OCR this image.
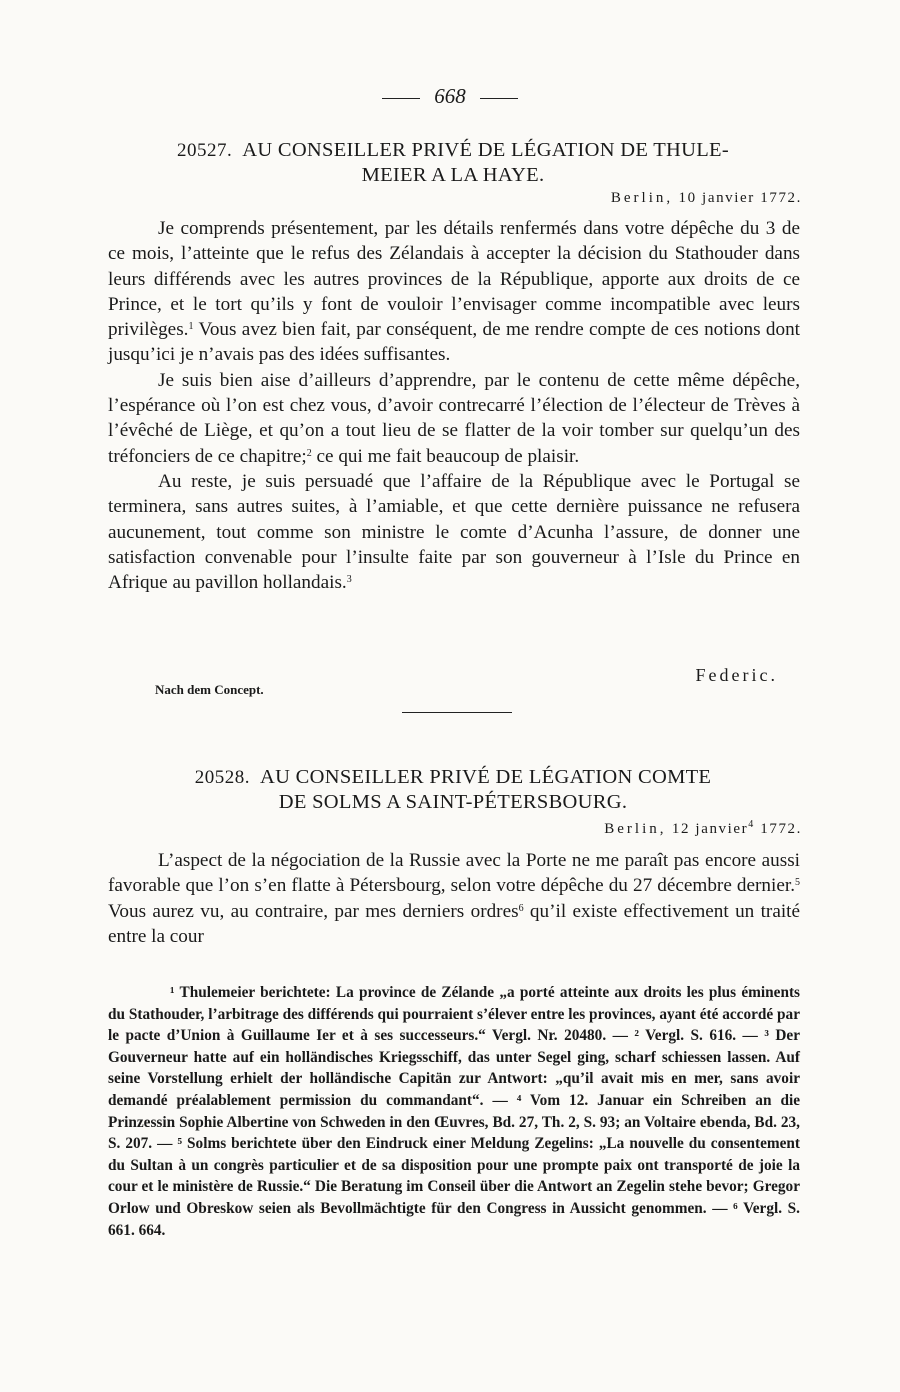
668
20527. AU CONSEILLER PRIVÉ DE LÉGATION DE THULE-
MEIER A LA HAYE.
Berlin, 10 janvier 1772.

Je comprends présentement, par les détails renfermés dans votre dépêche du 3 de ce mois, l’atteinte que le refus des Zélandais à accepter la décision du Stathouder dans leurs différends avec les autres provinces de la République, apporte aux droits de ce Prince, et le tort qu’ils y font de vouloir l’envisager comme incompatible avec leurs privilèges.$^1$ Vous avez bien fait, par conséquent, de me rendre compte de ces notions dont jusqu’ici je n’avais pas des idées suffisantes.

Je suis bien aise d’ailleurs d’apprendre, par le contenu de cette même dépêche, l’espérance où l’on est chez vous, d’avoir contrecarré l’élection de l’électeur de Trèves à l’évêché de Liège, et qu’on a tout lieu de se flatter de la voir tomber sur quelqu’un des tréfonciers de ce chapitre;$^2$ ce qui me fait beaucoup de plaisir.

Au reste, je suis persuadé que l’affaire de la République avec le Portugal se terminera, sans autres suites, à l’amiable, et que cette dernière puissance ne refusera aucunement, tout comme son ministre le comte d’Acunha l’assure, de donner une satisfaction convenable pour l’insulte faite par son gouverneur à l’Isle du Prince en Afrique au pavillon hollandais.$^3$

Federic.
Nach dem Concept.
20528. AU CONSEILLER PRIVÉ DE LÉGATION COMTE
DE SOLMS A SAINT-PÉTERSBOURG.
Berlin, 12 janvier$^4$ 1772.

L’aspect de la négociation de la Russie avec la Porte ne me paraît pas encore aussi favorable que l’on s’en flatte à Pétersbourg, selon votre dépêche du 27 décembre dernier.$^5$ Vous aurez vu, au contraire, par mes derniers ordres$^6$ qu’il existe effectivement un traité entre la cour

¹ Thulemeier berichtete: La province de Zélande „a porté atteinte aux droits les plus éminents du Stathouder, l’arbitrage des différends qui pourraient s’élever entre les provinces, ayant été accordé par le pacte d’Union à Guillaume Ier et à ses successeurs.“ Vergl. Nr. 20480. — ² Vergl. S. 616. — ³ Der Gouverneur hatte auf ein holländisches Kriegsschiff, das unter Segel ging, scharf schiessen lassen. Auf seine Vorstellung erhielt der holländische Capitän zur Antwort: „qu’il avait mis en mer, sans avoir demandé préalablement permission du commandant“. — ⁴ Vom 12. Januar ein Schreiben an die Prinzessin Sophie Albertine von Schweden in den Œuvres, Bd. 27, Th. 2, S. 93; an Voltaire ebenda, Bd. 23, S. 207. — ⁵ Solms berichtete über den Eindruck einer Meldung Zegelins: „La nouvelle du consentement du Sultan à un congrès particulier et de sa disposition pour une prompte paix ont transporté de joie la cour et le ministère de Russie.“ Die Beratung im Conseil über die Antwort an Zegelin stehe bevor; Gregor Orlow und Obreskow seien als Bevollmächtigte für den Congress in Aussicht genommen. — ⁶ Vergl. S. 661. 664.
